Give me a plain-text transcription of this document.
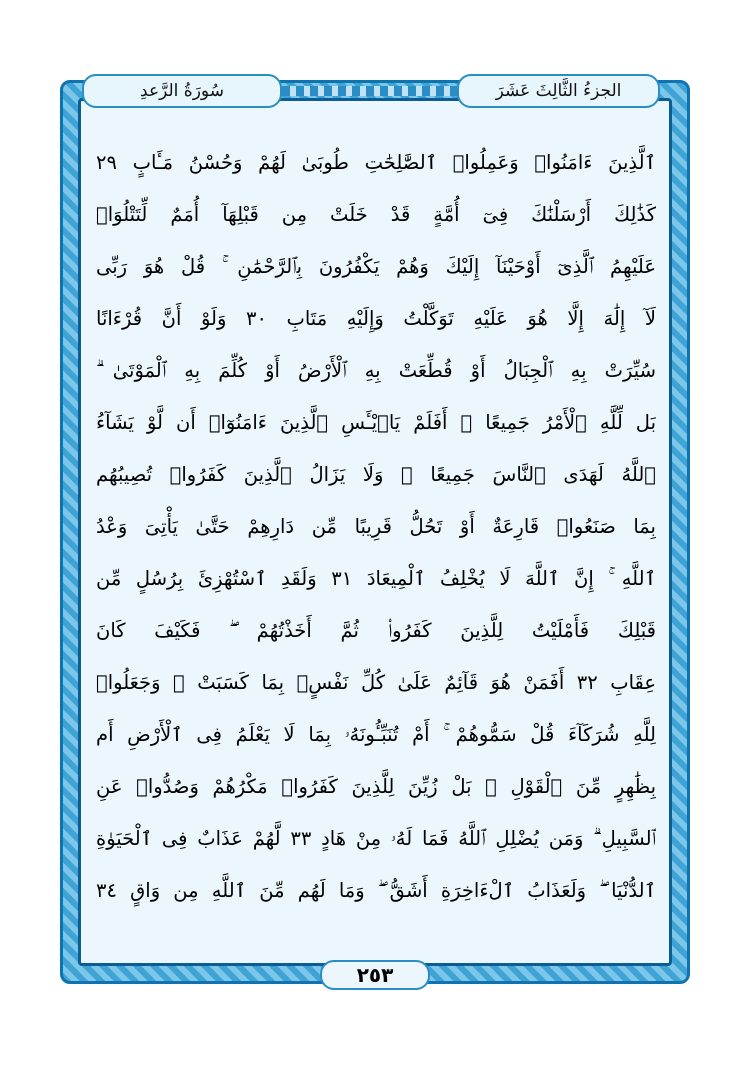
سُورَةُ الرَّعدِ	الجزءُ الثَّالِثَ عَشَرَ
ٱلَّذِينَ ءَامَنُوا۟ وَعَمِلُوا۟ ٱلصَّٰلِحَٰتِ طُوبَىٰ لَهُمْ وَحُسْنُ مَـَٔابٍ ٢٩
كَذَٰلِكَ أَرْسَلْنَٰكَ فِىٓ أُمَّةٍ قَدْ خَلَتْ مِن قَبْلِهَآ أُمَمٌ لِّتَتْلُوَا۟
عَلَيْهِمُ ٱلَّذِىٓ أَوْحَيْنَآ إِلَيْكَ وَهُمْ يَكْفُرُونَ بِٱلرَّحْمَٰنِ ۚ قُلْ هُوَ رَبِّى
لَآ إِلَٰهَ إِلَّا هُوَ عَلَيْهِ تَوَكَّلْتُ وَإِلَيْهِ مَتَابِ ٣٠ وَلَوْ أَنَّ قُرْءَانًا
سُيِّرَتْ بِهِ ٱلْجِبَالُ أَوْ قُطِّعَتْ بِهِ ٱلْأَرْضُ أَوْ كُلِّمَ بِهِ ٱلْمَوْتَىٰ ۗ
بَل لِّلَّهِ ٱلْأَمْرُ جَمِيعًا ۗ أَفَلَمْ يَا۟يْـَٔسِ ٱلَّذِينَ ءَامَنُوٓا۟ أَن لَّوْ يَشَآءُ
ٱللَّهُ لَهَدَى ٱلنَّاسَ جَمِيعًا ۗ وَلَا يَزَالُ ٱلَّذِينَ كَفَرُوا۟ تُصِيبُهُم
بِمَا صَنَعُوا۟ قَارِعَةٌ أَوْ تَحُلُّ قَرِيبًا مِّن دَارِهِمْ حَتَّىٰ يَأْتِىَ وَعْدُ
ٱللَّهِ ۚ إِنَّ ٱللَّهَ لَا يُخْلِفُ ٱلْمِيعَادَ ٣١ وَلَقَدِ ٱسْتُهْزِئَ بِرُسُلٍ مِّن
قَبْلِكَ فَأَمْلَيْتُ لِلَّذِينَ كَفَرُوا۟ ثُمَّ أَخَذْتُهُمْ ۖ فَكَيْفَ كَانَ
عِقَابِ ٣٢ أَفَمَنْ هُوَ قَآئِمٌ عَلَىٰ كُلِّ نَفْسٍۭ بِمَا كَسَبَتْ ۗ وَجَعَلُوا۟
لِلَّهِ شُرَكَآءَ قُلْ سَمُّوهُمْ ۚ أَمْ تُنَبِّـُٔونَهُۥ بِمَا لَا يَعْلَمُ فِى ٱلْأَرْضِ أَم
بِظَٰهِرٍ مِّنَ ٱلْقَوْلِ ۗ بَلْ زُيِّنَ لِلَّذِينَ كَفَرُوا۟ مَكْرُهُمْ وَصُدُّوا۟ عَنِ
ٱلسَّبِيلِ ۗ وَمَن يُضْلِلِ ٱللَّهُ فَمَا لَهُۥ مِنْ هَادٍ ٣٣ لَّهُمْ عَذَابٌ فِى ٱلْحَيَوٰةِ
ٱلدُّنْيَا ۖ وَلَعَذَابُ ٱلْءَاخِرَةِ أَشَقُّ ۖ وَمَا لَهُم مِّنَ ٱللَّهِ مِن وَاقٍ ٣٤
٢٥٣
